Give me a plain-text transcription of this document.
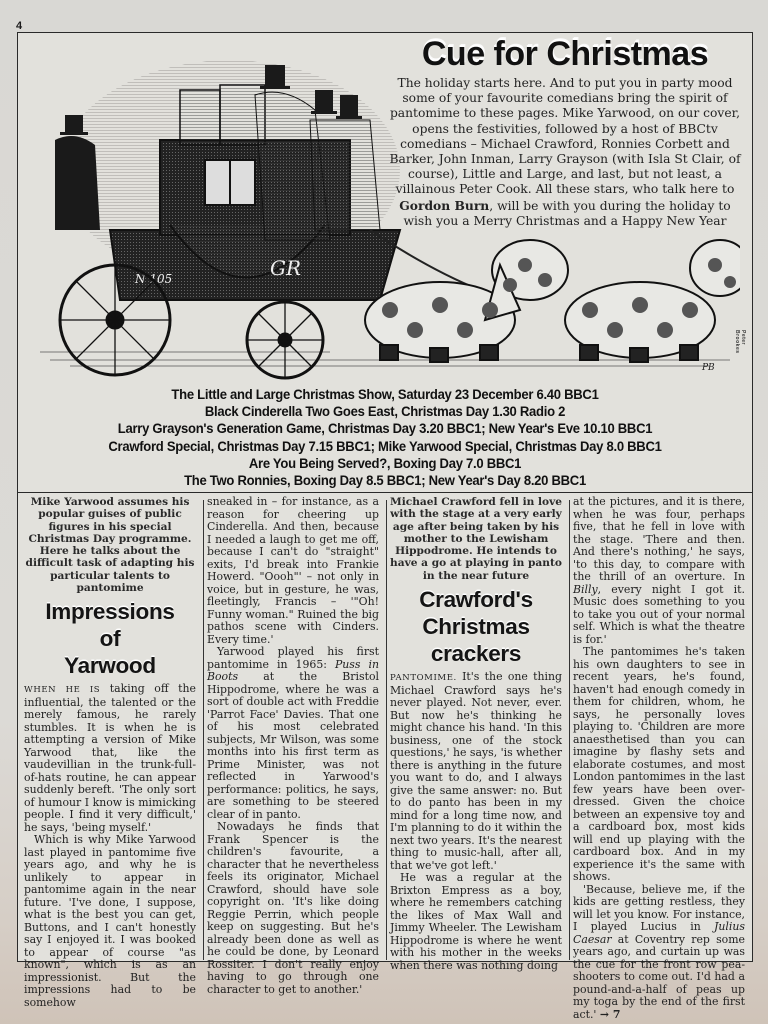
4
GR
N 105
PB
Peter Brookes
Cue for Christmas

The holiday starts here. And to put you in party mood some of your favourite comedians bring the spirit of pantomime to these pages. Mike Yarwood, on our cover, opens the festivities, followed by a host of BBCtv comedians – Michael Crawford, Ronnies Corbett and Barker, John Inman, Larry Grayson (with Isla St Clair, of course), Little and Large, and last, but not least, a villainous Peter Cook. All these stars, who talk here to Gordon Burn, will be with you during the holiday to wish you a Merry Christmas and a Happy New Year

The Little and Large Christmas Show, Saturday 23 December 6.40 BBC1
Black Cinderella Two Goes East, Christmas Day 1.30 Radio 2
Larry Grayson's Generation Game, Christmas Day 3.20 BBC1; New Year's Eve 10.10 BBC1
Crawford Special, Christmas Day 7.15 BBC1; Mike Yarwood Special, Christmas Day 8.0 BBC1
Are You Being Served?, Boxing Day 7.0 BBC1
The Two Ronnies, Boxing Day 8.5 BBC1; New Year's Day 8.20 BBC1
Mike Yarwood assumes his popular guises of public figures in his special Christmas Day programme. Here he talks about the difficult task of adapting his particular talents to pantomime
Impressions
of
Yarwood

WHEN HE IS taking off the influential, the talented or the merely famous, he rarely stumbles. It is when he is attempting a version of Mike Yarwood that, like the vaudevillian in the trunk-full-of-hats routine, he can appear suddenly bereft. 'The only sort of humour I know is mimicking people. I find it very difficult,' he says, 'being myself.'

Which is why Mike Yarwood last played in pantomime five years ago, and why he is unlikely to appear in pantomime again in the near future. 'I've done, I suppose, what is the best you can get, Buttons, and I can't honestly say I enjoyed it. I was booked to appear of course "as known", which is as an impressionist. But the impressions had to be somehow

sneaked in – for instance, as a reason for cheering up Cinderella. And then, because I needed a laugh to get me off, because I can't do "straight" exits, I'd break into Frankie Howerd. "Oooh"' – not only in voice, but in gesture, he was, fleetingly, Francis – '"Oh! Funny woman." Ruined the big pathos scene with Cinders. Every time.'

Yarwood played his first pantomime in 1965: Puss in Boots at the Bristol Hippodrome, where he was a sort of double act with Freddie 'Parrot Face' Davies. That one of his most celebrated subjects, Mr Wilson, was some months into his first term as Prime Minister, was not reflected in Yarwood's performance: politics, he says, are something to be steered clear of in panto.

Nowadays he finds that Frank Spencer is the children's favourite, a character that he nevertheless feels its originator, Michael Crawford, should have sole copyright on. 'It's like doing Reggie Perrin, which people keep on suggesting. But he's already been done as well as he could be done, by Leonard Rossiter. I don't really enjoy having to go through one character to get to another.'

Michael Crawford fell in love with the stage at a very early age after being taken by his mother to the Lewisham Hippodrome. He intends to have a go at playing in panto in the near future
Crawford's
Christmas
crackers

PANTOMIME. It's the one thing Michael Crawford says he's never played. Not never, ever. But now he's thinking he might chance his hand. 'In this business, one of the stock questions,' he says, 'is whether there is anything in the future you want to do, and I always give the same answer: no. But to do panto has been in my mind for a long time now, and I'm planning to do it within the next two years. It's the nearest thing to music-hall, after all, that we've got left.'

He was a regular at the Brixton Empress as a boy, where he remembers catching the likes of Max Wall and Jimmy Wheeler. The Lewisham Hippodrome is where he went with his mother in the weeks when there was nothing doing

at the pictures, and it is there, when he was four, perhaps five, that he fell in love with the stage. 'There and then. And there's nothing,' he says, 'to this day, to compare with the thrill of an overture. In Billy, every night I got it. Music does something to you to take you out of your normal self. Which is what the theatre is for.'

The pantomimes he's taken his own daughters to see in recent years, he's found, haven't had enough comedy in them for children, whom, he says, he personally loves playing to. 'Children are more anaesthetised than you can imagine by flashy sets and elaborate costumes, and most London pantomimes in the last few years have been over-dressed. Given the choice between an expensive toy and a cardboard box, most kids will end up playing with the cardboard box. And in my experience it's the same with shows.

'Because, believe me, if the kids are getting restless, they will let you know. For instance, I played Lucius in Julius Caesar at Coventry rep some years ago, and curtain up was the cue for the front row pea-shooters to come out. I'd had a pound-and-a-half of peas up my toga by the end of the first act.' → 7
